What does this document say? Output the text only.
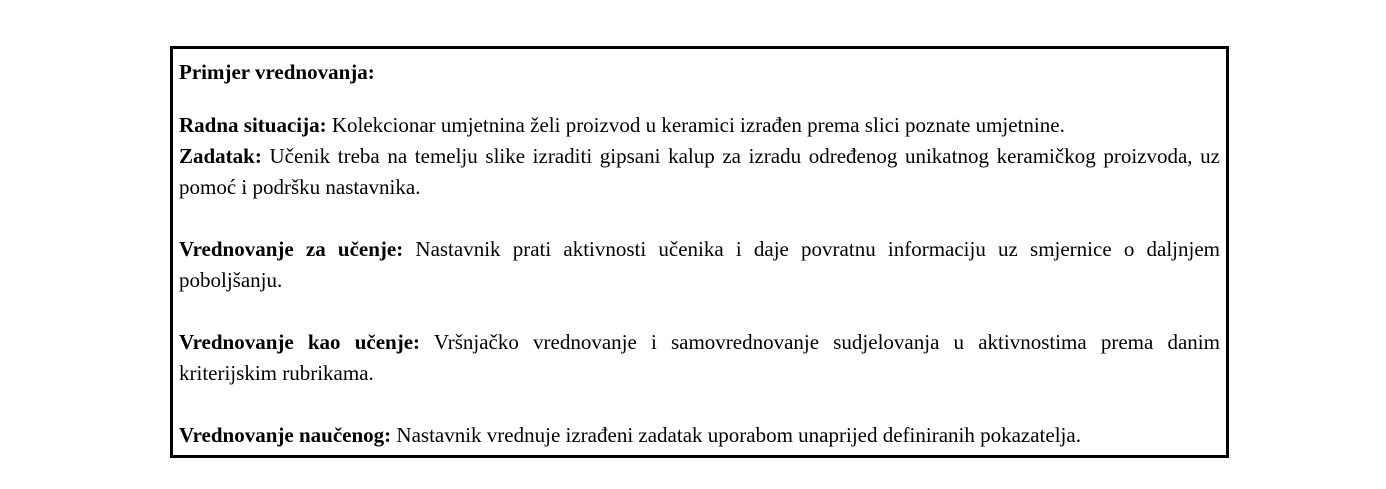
Primjer vrednovanja:

Radna situacija: Kolekcionar umjetnina želi proizvod u keramici izrađen prema slici poznate umjetnine.

Zadatak: Učenik treba na temelju slike izraditi gipsani kalup za izradu određenog unikatnog keramičkog proizvoda, uz pomoć i podršku nastavnika.

Vrednovanje za učenje: Nastavnik prati aktivnosti učenika i daje povratnu informaciju uz smjernice o daljnjem poboljšanju.

Vrednovanje kao učenje: Vršnjačko vrednovanje i samovrednovanje sudjelovanja u aktivnostima prema danim kriterijskim rubrikama.

Vrednovanje naučenog: Nastavnik vrednuje izrađeni zadatak uporabom unaprijed definiranih pokazatelja.
